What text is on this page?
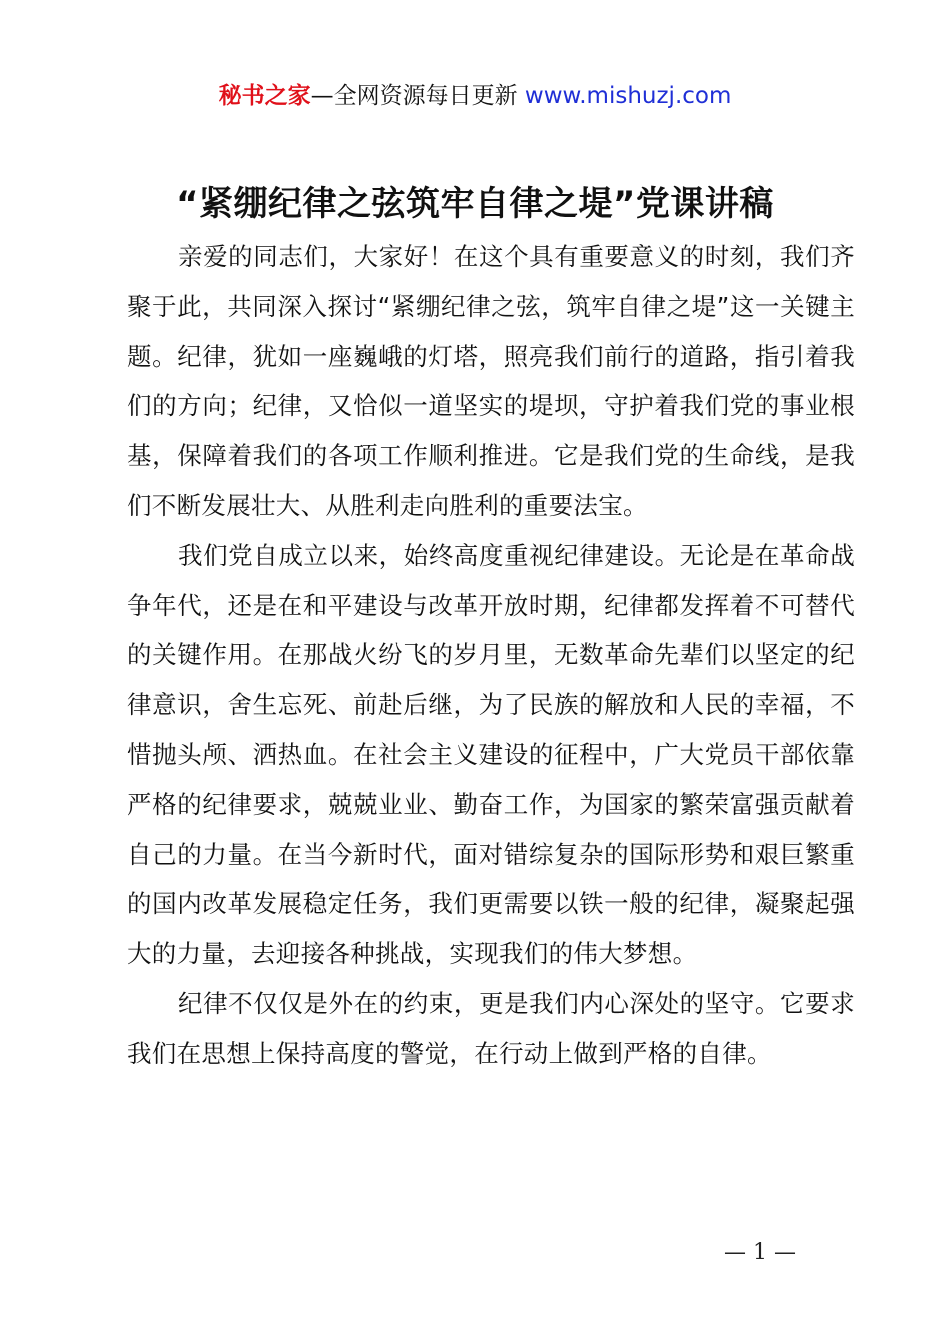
秘书之家—全网资源每日更新 www.mishuzj.com
“紧绷纪律之弦筑牢自律之堤”党课讲稿

亲爱的同志们，大家好！在这个具有重要意义的时刻，我们齐聚于此，共同深入探讨“紧绷纪律之弦，筑牢自律之堤”这一关键主题。纪律，犹如一座巍峨的灯塔，照亮我们前行的道路，指引着我们的方向；纪律，又恰似一道坚实的堤坝，守护着我们党的事业根基，保障着我们的各项工作顺利推进。它是我们党的生命线，是我们不断发展壮大、从胜利走向胜利的重要法宝。

我们党自成立以来，始终高度重视纪律建设。无论是在革命战争年代，还是在和平建设与改革开放时期，纪律都发挥着不可替代的关键作用。在那战火纷飞的岁月里，无数革命先辈们以坚定的纪律意识，舍生忘死、前赴后继，为了民族的解放和人民的幸福，不惜抛头颅、洒热血。在社会主义建设的征程中，广大党员干部依靠严格的纪律要求，兢兢业业、勤奋工作，为国家的繁荣富强贡献着自己的力量。在当今新时代，面对错综复杂的国际形势和艰巨繁重的国内改革发展稳定任务，我们更需要以铁一般的纪律，凝聚起强大的力量，去迎接各种挑战，实现我们的伟大梦想。

纪律不仅仅是外在的约束，更是我们内心深处的坚守。它要求我们在思想上保持高度的警觉，在行动上做到严格的自律。

— 1 —
